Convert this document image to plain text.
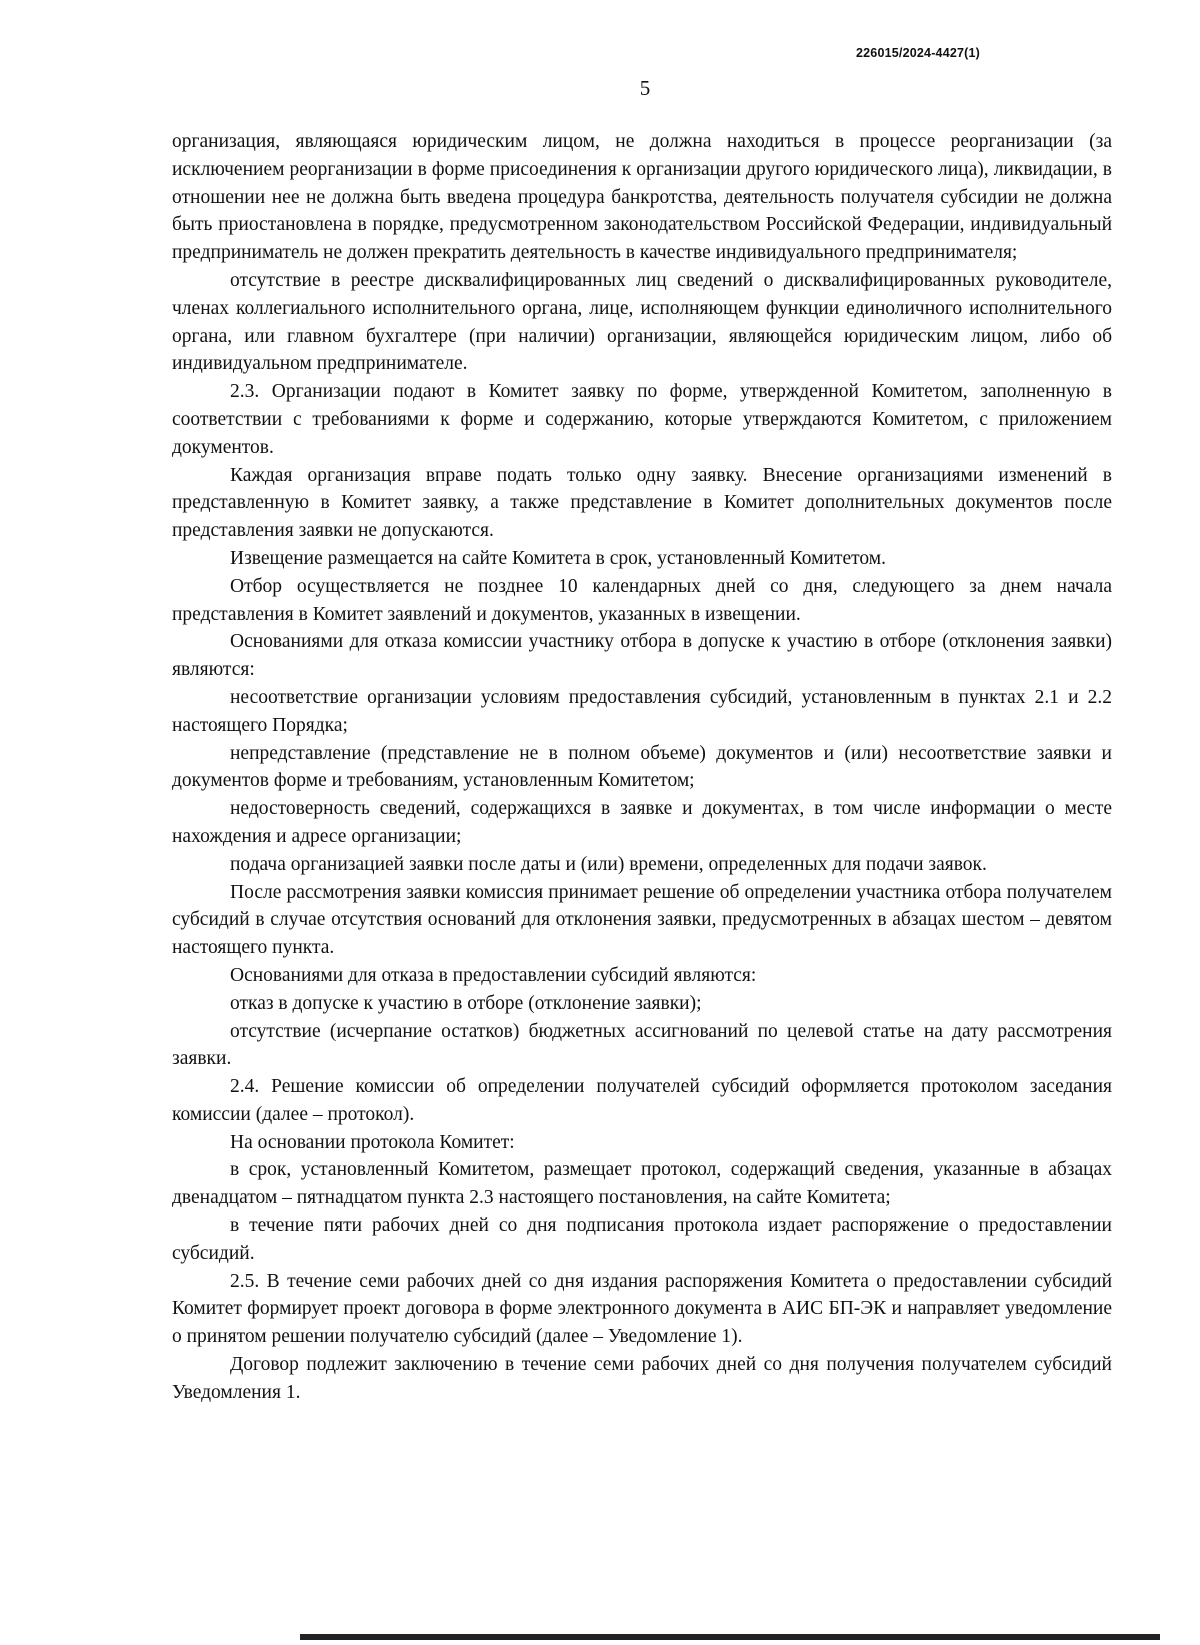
226015/2024-4427(1)
5

организация, являющаяся юридическим лицом, не должна находиться в процессе реорганизации (за исключением реорганизации в форме присоединения к организации другого юридического лица), ликвидации, в отношении нее не должна быть введена процедура банкротства, деятельность получателя субсидии не должна быть приостановлена в порядке, предусмотренном законодательством Российской Федерации, индивидуальный предприниматель не должен прекратить деятельность в качестве индивидуального предпринимателя;

отсутствие в реестре дисквалифицированных лиц сведений о дисквалифицированных руководителе, членах коллегиального исполнительного органа, лице, исполняющем функции единоличного исполнительного органа, или главном бухгалтере (при наличии) организации, являющейся юридическим лицом, либо об индивидуальном предпринимателе.

2.3. Организации подают в Комитет заявку по форме, утвержденной Комитетом, заполненную в соответствии с требованиями к форме и содержанию, которые утверждаются Комитетом, с приложением документов.

Каждая организация вправе подать только одну заявку. Внесение организациями изменений в представленную в Комитет заявку, а также представление в Комитет дополнительных документов после представления заявки не допускаются.

Извещение размещается на сайте Комитета в срок, установленный Комитетом.

Отбор осуществляется не позднее 10 календарных дней со дня, следующего за днем начала представления в Комитет заявлений и документов, указанных в извещении.

Основаниями для отказа комиссии участнику отбора в допуске к участию в отборе (отклонения заявки) являются:

несоответствие организации условиям предоставления субсидий, установленным в пунктах 2.1 и 2.2 настоящего Порядка;

непредставление (представление не в полном объеме) документов и (или) несоответствие заявки и документов форме и требованиям, установленным Комитетом;

недостоверность сведений, содержащихся в заявке и документах, в том числе информации о месте нахождения и адресе организации;

подача организацией заявки после даты и (или) времени, определенных для подачи заявок.

После рассмотрения заявки комиссия принимает решение об определении участника отбора получателем субсидий в случае отсутствия оснований для отклонения заявки, предусмотренных в абзацах шестом – девятом настоящего пункта.

Основаниями для отказа в предоставлении субсидий являются:

отказ в допуске к участию в отборе (отклонение заявки);

отсутствие (исчерпание остатков) бюджетных ассигнований по целевой статье на дату рассмотрения заявки.

2.4. Решение комиссии об определении получателей субсидий оформляется протоколом заседания комиссии (далее – протокол).

На основании протокола Комитет:

в срок, установленный Комитетом, размещает протокол, содержащий сведения, указанные в абзацах двенадцатом – пятнадцатом пункта 2.3 настоящего постановления, на сайте Комитета;

в течение пяти рабочих дней со дня подписания протокола издает распоряжение о предоставлении субсидий.

2.5. В течение семи рабочих дней со дня издания распоряжения Комитета о предоставлении субсидий Комитет формирует проект договора в форме электронного документа в АИС БП-ЭК и направляет уведомление о принятом решении получателю субсидий (далее – Уведомление 1).

Договор подлежит заключению в течение семи рабочих дней со дня получения получателем субсидий Уведомления 1.
